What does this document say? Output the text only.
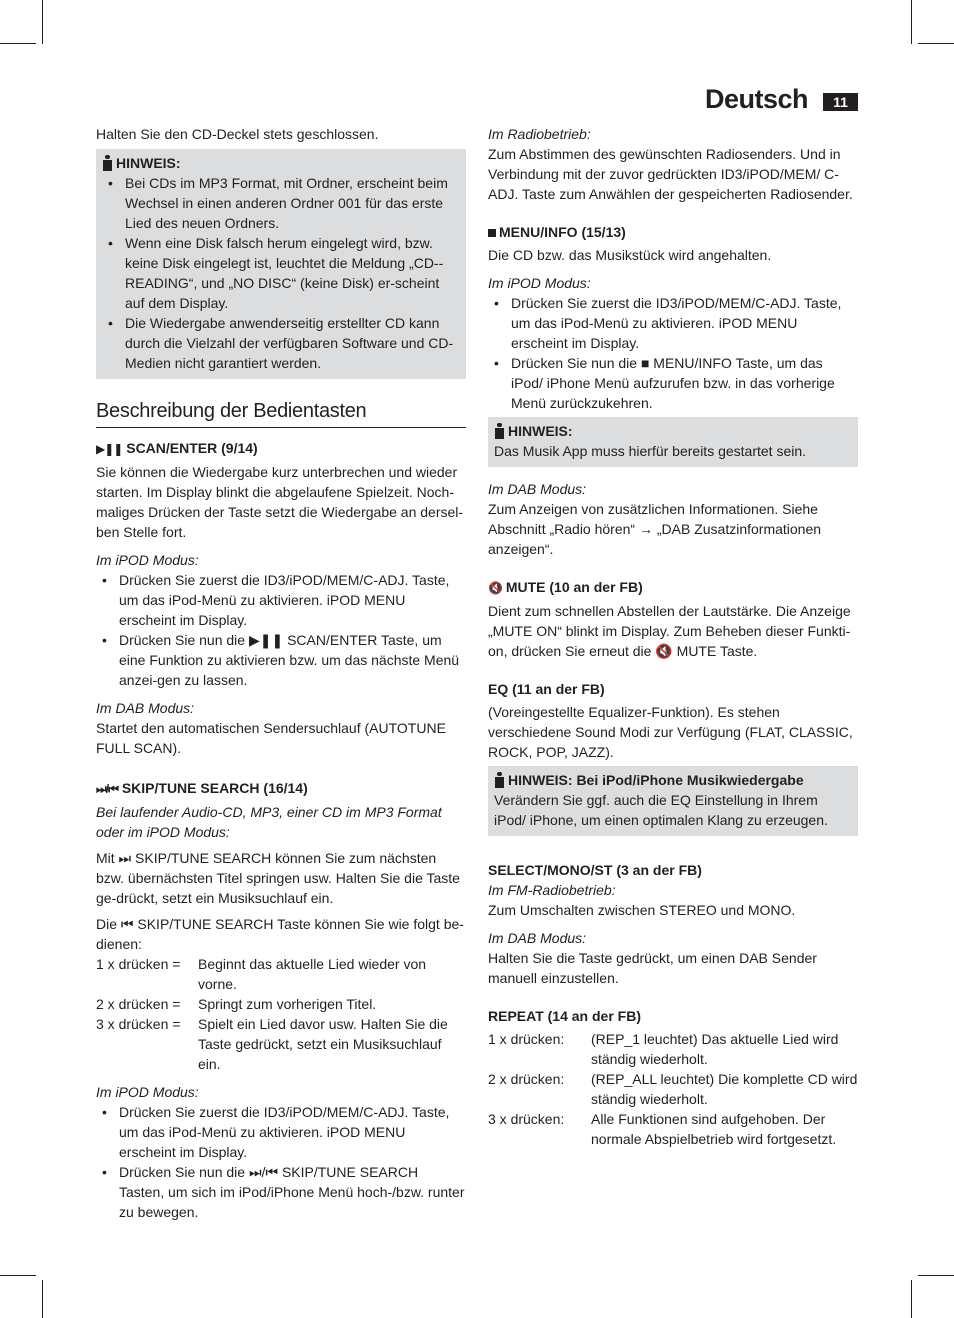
Deutsch	11

Halten Sie den CD-Deckel stets geschlossen.

HINWEIS:
• Bei CDs im MP3 Format, mit Ordner, erscheint beim Wechsel in einen anderen Ordner 001 für das erste Lied des neuen Ordners.
• Wenn eine Disk falsch herum eingelegt wird, bzw. keine Disk eingelegt ist, leuchtet die Meldung „CD--READING“, und „NO DISC“ (keine Disk) er-scheint auf dem Display.
• Die Wiedergabe anwenderseitig erstellter CD kann durch die Vielzahl der verfügbaren Software und CD-Medien nicht garantiert werden.
Beschreibung der Bedientasten

▶︎❚❚ SCAN/ENTER (9/14)

Sie können die Wiedergabe kurz unterbrechen und wieder starten. Im Display blinkt die abgelaufene Spielzeit. Noch-maliges Drücken der Taste setzt die Wiedergabe an dersel-ben Stelle fort.

Im iPOD Modus:

• Drücken Sie zuerst die ID3/iPOD/MEM/C-ADJ. Taste, um das iPod-Menü zu aktivieren. iPOD MENU erscheint im Display.
• Drücken Sie nun die ▶︎❚❚ SCAN/ENTER Taste, um eine Funktion zu aktivieren bzw. um das nächste Menü anzei-gen zu lassen.

Im DAB Modus:

Startet den automatischen Sendersuchlauf (AUTOTUNE FULL SCAN).

⏭/⏮ SKIP/TUNE SEARCH (16/14)

Bei laufender Audio-CD, MP3, einer CD im MP3 Format oder im iPOD Modus:

Mit ⏭ SKIP/TUNE SEARCH können Sie zum nächsten bzw. übernächsten Titel springen usw. Halten Sie die Taste ge-drückt, setzt ein Musiksuchlauf ein.

Die ⏮ SKIP/TUNE SEARCH Taste können Sie wie folgt be-dienen:

1 x drücken =	Beginnt das aktuelle Lied wieder von vorne.
2 x drücken =	Springt zum vorherigen Titel.
3 x drücken =	Spielt ein Lied davor usw. Halten Sie die Taste gedrückt, setzt ein Musiksuchlauf ein.

Im iPOD Modus:

• Drücken Sie zuerst die ID3/iPOD/MEM/C-ADJ. Taste, um das iPod-Menü zu aktivieren. iPOD MENU erscheint im Display.
• Drücken Sie nun die ⏭/⏮ SKIP/TUNE SEARCH Tasten, um sich im iPod/iPhone Menü hoch-/bzw. runter zu bewegen.

Im Radiobetrieb:

Zum Abstimmen des gewünschten Radiosenders. Und in Verbindung mit der zuvor gedrückten ID3/iPOD/MEM/ C-ADJ. Taste zum Anwählen der gespeicherten Radiosender.

MENU/INFO (15/13)

Die CD bzw. das Musikstück wird angehalten.

Im iPOD Modus:

• Drücken Sie zuerst die ID3/iPOD/MEM/C-ADJ. Taste, um das iPod-Menü zu aktivieren. iPOD MENU erscheint im Display.
• Drücken Sie nun die ■ MENU/INFO Taste, um das iPod/ iPhone Menü aufzurufen bzw. in das vorherige Menü zurückzukehren.
HINWEIS:

Das Musik App muss hierfür bereits gestartet sein.

Im DAB Modus:

Zum Anzeigen von zusätzlichen Informationen. Siehe Abschnitt „Radio hören“ → „DAB Zusatzinformationen anzeigen“.

🔇 MUTE (10 an der FB)

Dient zum schnellen Abstellen der Lautstärke. Die Anzeige „MUTE ON“ blinkt im Display. Zum Beheben dieser Funkti-on, drücken Sie erneut die 🔇 MUTE Taste.

EQ (11 an der FB)

(Voreingestellte Equalizer-Funktion). Es stehen verschiedene Sound Modi zur Verfügung (FLAT, CLASSIC, ROCK, POP, JAZZ).

HINWEIS: Bei iPod/iPhone Musikwiedergabe

Verändern Sie ggf. auch die EQ Einstellung in Ihrem iPod/ iPhone, um einen optimalen Klang zu erzeugen.

SELECT/MONO/ST (3 an der FB)

Im FM-Radiobetrieb:

Zum Umschalten zwischen STEREO und MONO.

Im DAB Modus:

Halten Sie die Taste gedrückt, um einen DAB Sender manuell einzustellen.

REPEAT (14 an der FB)

1 x drücken:	(REP_1 leuchtet) Das aktuelle Lied wird ständig wiederholt.
2 x drücken:	(REP_ALL leuchtet) Die komplette CD wird ständig wiederholt.
3 x drücken:	Alle Funktionen sind aufgehoben. Der normale Abspielbetrieb wird fortgesetzt.
